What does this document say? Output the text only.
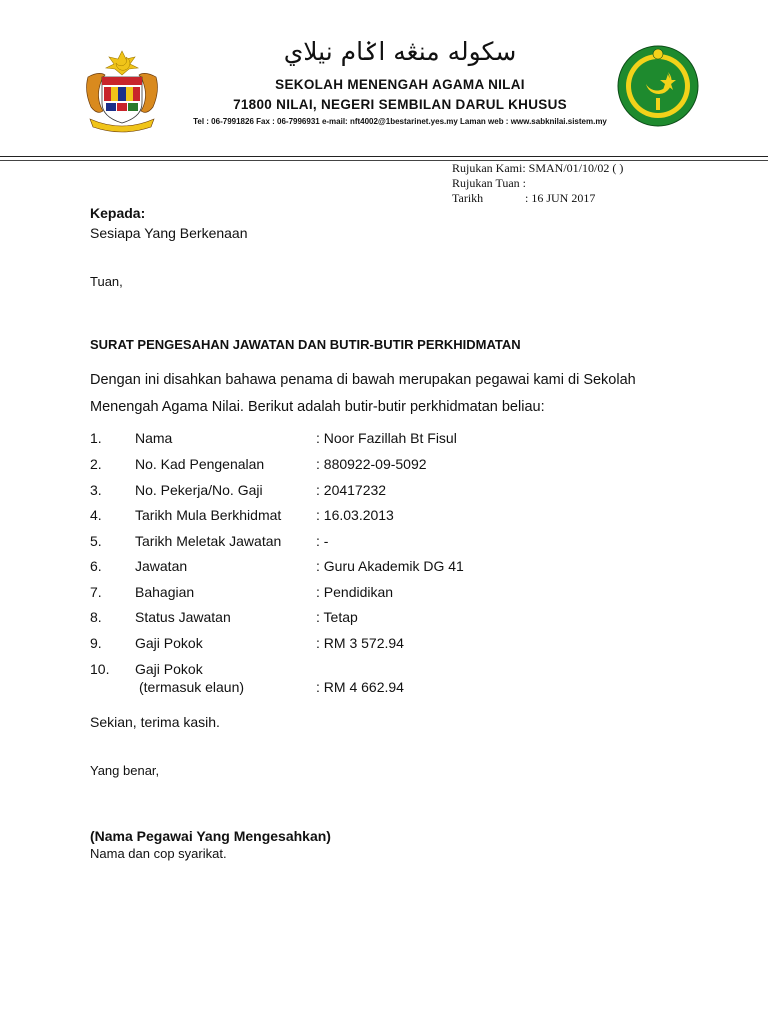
سكوله منڠه اݢام نيلاي
SEKOLAH MENENGAH AGAMA NILAI
71800 NILAI, NEGERI SEMBILAN DARUL KHUSUS
Tel : 06-7991826 Fax : 06-7996931 e-mail: nft4002@1bestarinet.yes.my Laman web : www.sabknilai.sistem.my
Rujukan Kami: SMAN/01/10/02 ( )
Rujukan Tuan :
Tarikh	: 16 JUN 2017
Kepada:
Sesiapa Yang Berkenaan
Tuan,
SURAT PENGESAHAN JAWATAN DAN BUTIR-BUTIR PERKHIDMATAN
Dengan ini disahkan bahawa penama di bawah merupakan pegawai kami di Sekolah
Menengah Agama Nilai. Berikut adalah butir-butir perkhidmatan beliau:
1. Nama	: Noor Fazillah Bt Fisul
2. No. Kad Pengenalan	: 880922-09-5092
3. No. Pekerja/No. Gaji	: 20417232
4. Tarikh Mula Berkhidmat : 16.03.2013
5. Tarikh Meletak Jawatan : -
6. Jawatan	: Guru Akademik DG 41
7. Bahagian	: Pendidikan
8. Status Jawatan	: Tetap
9. Gaji Pokok	: RM 3 572.94
10. Gaji Pokok
(termasuk elaun)	: RM 4 662.94
Sekian, terima kasih.
Yang benar,
(Nama Pegawai Yang Mengesahkan)
Nama dan cop syarikat.
